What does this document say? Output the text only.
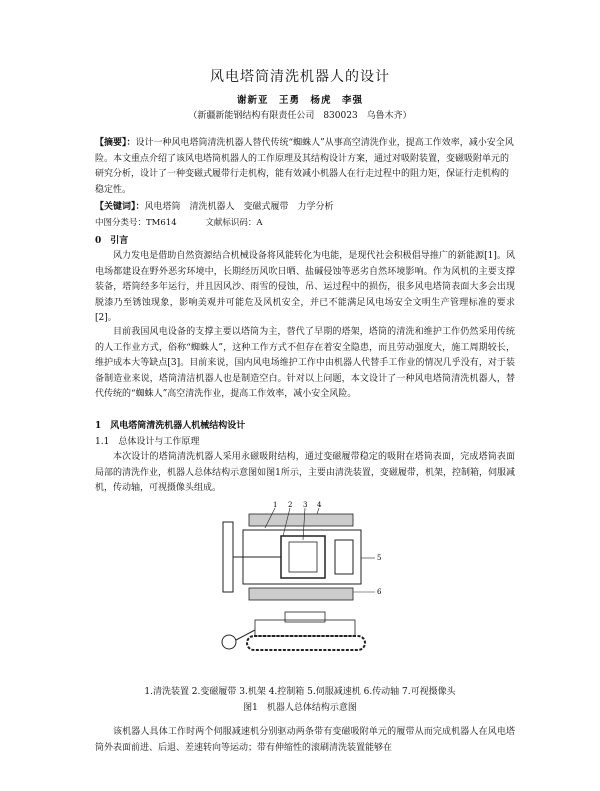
风电塔筒清洗机器人的设计
谢新亚　王勇　杨虎　李强
（新疆新能钢结构有限责任公司　830023　乌鲁木齐）
【摘要】：设计一种风电塔筒清洗机器人替代传统“蜘蛛人”从事高空清洗作业，提高工作效率，减小安全风险。本文重点介绍了该风电塔筒机器人的工作原理及其结构设计方案，通过对吸附装置，变磁吸附单元的研究分析，设计了一种变磁式履带行走机构，能有效减小机器人在行走过程中的阻力矩，保证行走机构的稳定性。
【关键词】：风电塔筒　清洗机器人　变磁式履带　力学分析
中图分类号：TM614	文献标识码：A
0　引言
风力发电是借助自然资源结合机械设备将风能转化为电能，是现代社会积极倡导推广的新能源[1]。风电场都建设在野外恶劣环境中，长期经历风吹日晒、盐碱侵蚀等恶劣自然环境影响。作为风机的主要支撑装备，塔筒经多年运行，并且因风沙、雨雪的侵蚀，吊、运过程中的损伤，很多风电塔筒表面大多会出现脱漆乃至锈蚀现象，影响美观并可能危及风机安全，并已不能满足风电场安全文明生产管理标准的要求[2]。
目前我国风电设备的支撑主要以塔筒为主，替代了早期的塔架，塔筒的清洗和维护工作仍然采用传统的人工作业方式，俗称“蜘蛛人”，这种工作方式不但存在着安全隐患，而且劳动强度大，施工周期较长，维护成本大等缺点[3]。目前来说，国内风电场维护工作中由机器人代替手工作业的情况几乎没有，对于装备制造业来说，塔筒清洁机器人也是制造空白。针对以上问题，本文设计了一种风电塔筒清洗机器人，替代传统的“蜘蛛人”高空清洗作业，提高工作效率，减小安全风险。
1　风电塔筒清洗机器人机械结构设计
1.1　总体设计与工作原理
本次设计的塔筒清洗机器人采用永磁吸附结构，通过变磁履带稳定的吸附在塔筒表面，完成塔筒表面局部的清洗作业，机器人总体结构示意图如图1所示，主要由清洗装置，变磁履带，机架，控制箱，伺服减机，传动轴，可视摄像头组成。
1 2 3 4
5
6
1.清洗装置 2.变磁履带 3.机架 4.控制箱 5.伺服减速机 6.传动轴 7.可视摄像头
图1　机器人总体结构示意图
该机器人具体工作时两个伺服减速机分别驱动两条带有变磁吸附单元的履带从而完成机器人在风电塔筒外表面前进、后退、差速转向等运动；带有伸缩性的滚刷清洗装置能够在
